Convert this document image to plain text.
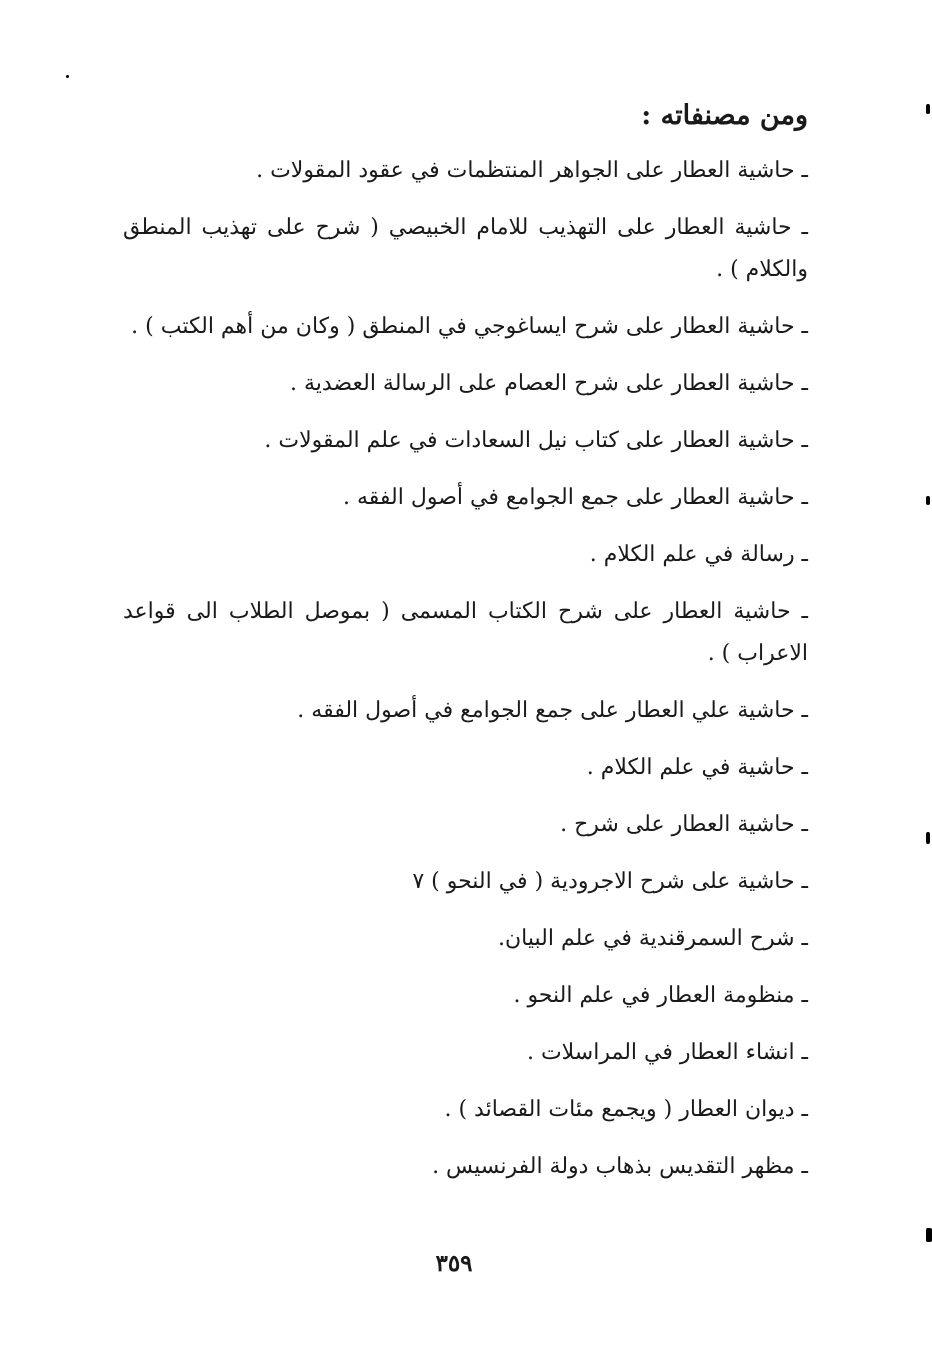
ومن مصنفاته :
ـ حاشية العطار على الجواهر المنتظمات في عقود المقولات .
ـ حاشية العطار على التهذيب للامام الخبيصي ( شرح على تهذيب المنطق والكلام ) .
ـ حاشية العطار على شرح ايساغوجي في المنطق ( وكان من أهم الكتب ) .
ـ حاشية العطار على شرح العصام على الرسالة العضدية .
ـ حاشية العطار على كتاب نيل السعادات في علم المقولات .
ـ حاشية العطار على جمع الجوامع في أصول الفقه .
ـ رسالة في علم الكلام .
ـ حاشية العطار على شرح الكتاب المسمى ( بموصل الطلاب الى قواعد الاعراب ) .
ـ حاشية علي العطار على جمع الجوامع في أصول الفقه .
ـ حاشية في علم الكلام .
ـ حاشية العطار على شرح .
ـ حاشية على شرح الاجرودية ( في النحو ) ٧
ـ شرح السمرقندية في علم البيان.
ـ منظومة العطار في علم النحو .
ـ انشاء العطار في المراسلات .
ـ ديوان العطار ( ويجمع مئات القصائد ) .
ـ مظهر التقديس بذهاب دولة الفرنسيس .
٣٥٩
